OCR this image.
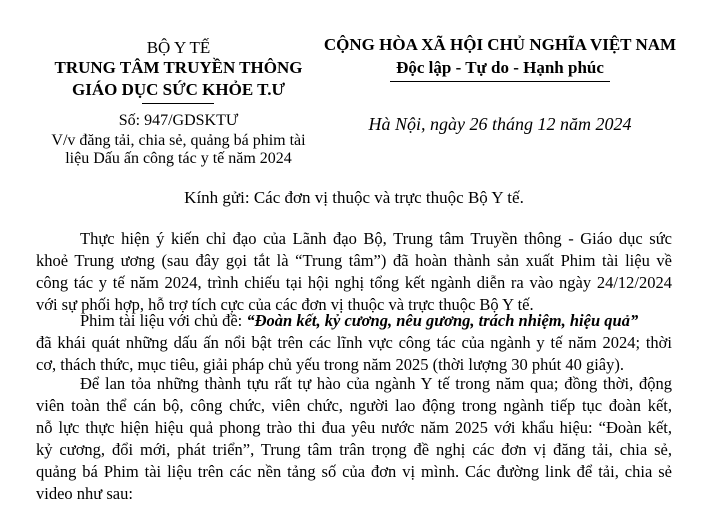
BỘ Y TẾ
TRUNG TÂM TRUYỀN THÔNG
GIÁO DỤC SỨC KHỎE T.Ư
Số: 947/GDSKTƯ
V/v đăng tải, chia sẻ, quảng bá phim tài
liệu Dấu ấn công tác y tế năm 2024
CỘNG HÒA XÃ HỘI CHỦ NGHĨA VIỆT NAM
Độc lập - Tự do - Hạnh phúc
Hà Nội, ngày 26 tháng 12 năm 2024
Kính gửi: Các đơn vị thuộc và trực thuộc Bộ Y tế.
Thực hiện ý kiến chỉ đạo của Lãnh đạo Bộ, Trung tâm Truyền thông - Giáo dục sức
khoẻ Trung ương (sau đây gọi tắt là “Trung tâm”) đã hoàn thành sản xuất Phim tài liệu về
công tác y tế năm 2024, trình chiếu tại hội nghị tổng kết ngành diễn ra vào ngày 24/12/2024
với sự phối hợp, hỗ trợ tích cực của các đơn vị thuộc và trực thuộc Bộ Y tế.
Phim tài liệu với chủ đề: “Đoàn kết, kỷ cương, nêu gương, trách nhiệm, hiệu quả”
đã khái quát những dấu ấn nổi bật trên các lĩnh vực công tác của ngành y tế năm 2024; thời
cơ, thách thức, mục tiêu, giải pháp chủ yếu trong năm 2025 (thời lượng 30 phút 40 giây).
Để lan tỏa những thành tựu rất tự hào của ngành Y tế trong năm qua; đồng thời, động
viên toàn thể cán bộ, công chức, viên chức, người lao động trong ngành tiếp tục đoàn kết,
nỗ lực thực hiện hiệu quả phong trào thi đua yêu nước năm 2025 với khẩu hiệu: “Đoàn kết,
kỷ cương, đổi mới, phát triển”, Trung tâm trân trọng đề nghị các đơn vị đăng tải, chia sẻ,
quảng bá Phim tài liệu trên các nền tảng số của đơn vị mình. Các đường link để tải, chia sẻ
video như sau:
